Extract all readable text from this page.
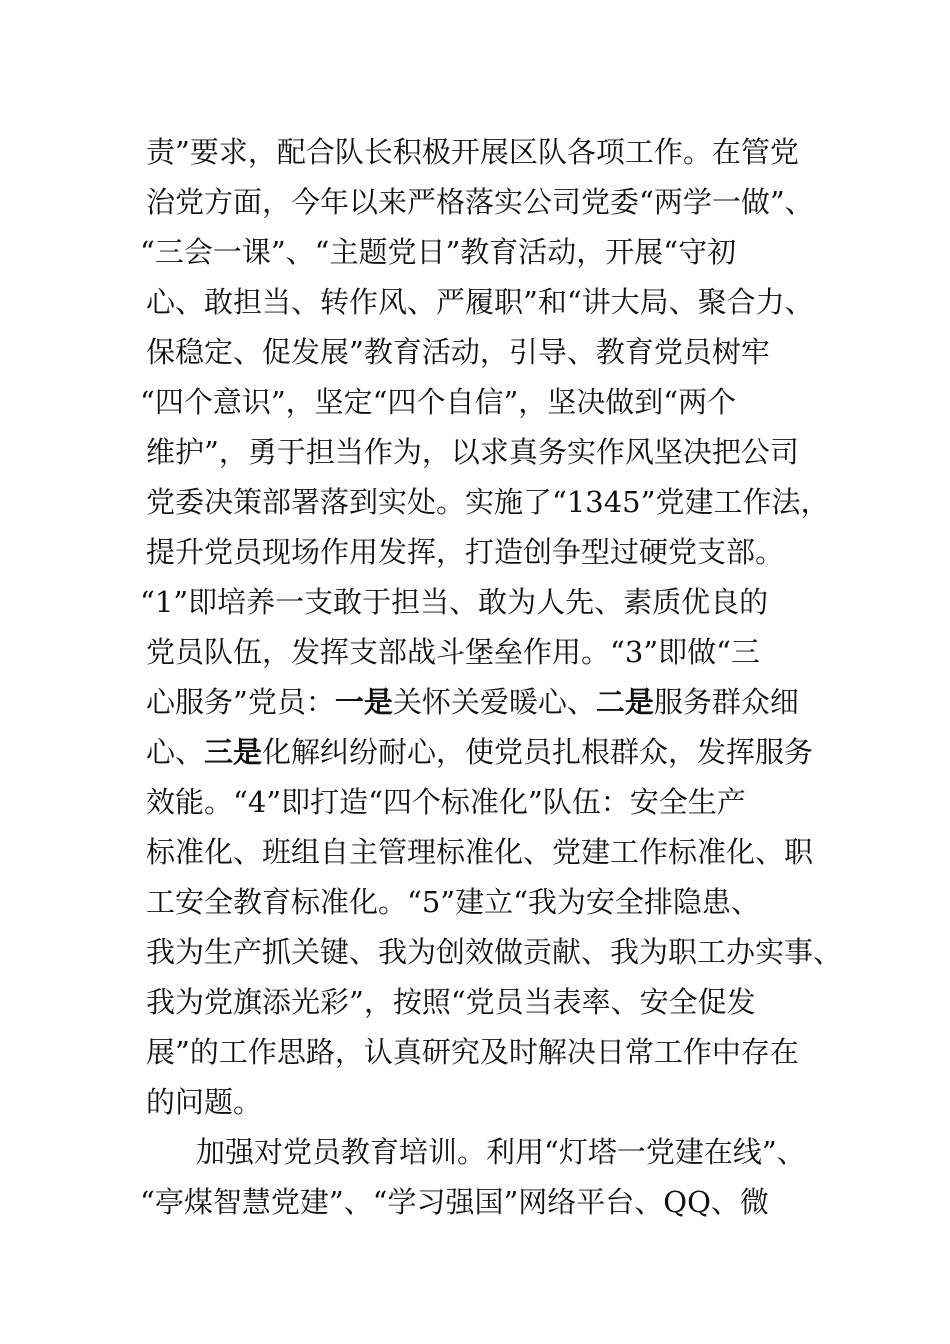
责”要求，配合队长积极开展区队各项工作。在管党
治党方面，今年以来严格落实公司党委“两学一做”、
“三会一课”、“主题党日”教育活动，开展“守初
心、敢担当、转作风、严履职”和“讲大局、聚合力、
保稳定、促发展”教育活动，引导、教育党员树牢
“四个意识”，坚定“四个自信”，坚决做到“两个
维护”，勇于担当作为，以求真务实作风坚决把公司
党委决策部署落到实处。实施了“1345”党建工作法，
提升党员现场作用发挥，打造创争型过硬党支部。
“1”即培养一支敢于担当、敢为人先、素质优良的
党员队伍，发挥支部战斗堡垒作用。“3”即做“三
心服务”党员：一是关怀关爱暖心、二是服务群众细
心、三是化解纠纷耐心，使党员扎根群众，发挥服务
效能。“4”即打造“四个标准化”队伍：安全生产
标准化、班组自主管理标准化、党建工作标准化、职
工安全教育标准化。“5”建立“我为安全排隐患、
我为生产抓关键、我为创效做贡献、我为职工办实事、
我为党旗添光彩”，按照“党员当表率、安全促发
展”的工作思路，认真研究及时解决日常工作中存在
的问题。
加强对党员教育培训。利用“灯塔一党建在线”、
“亭煤智慧党建”、“学习强国”网络平台、QQ、微
